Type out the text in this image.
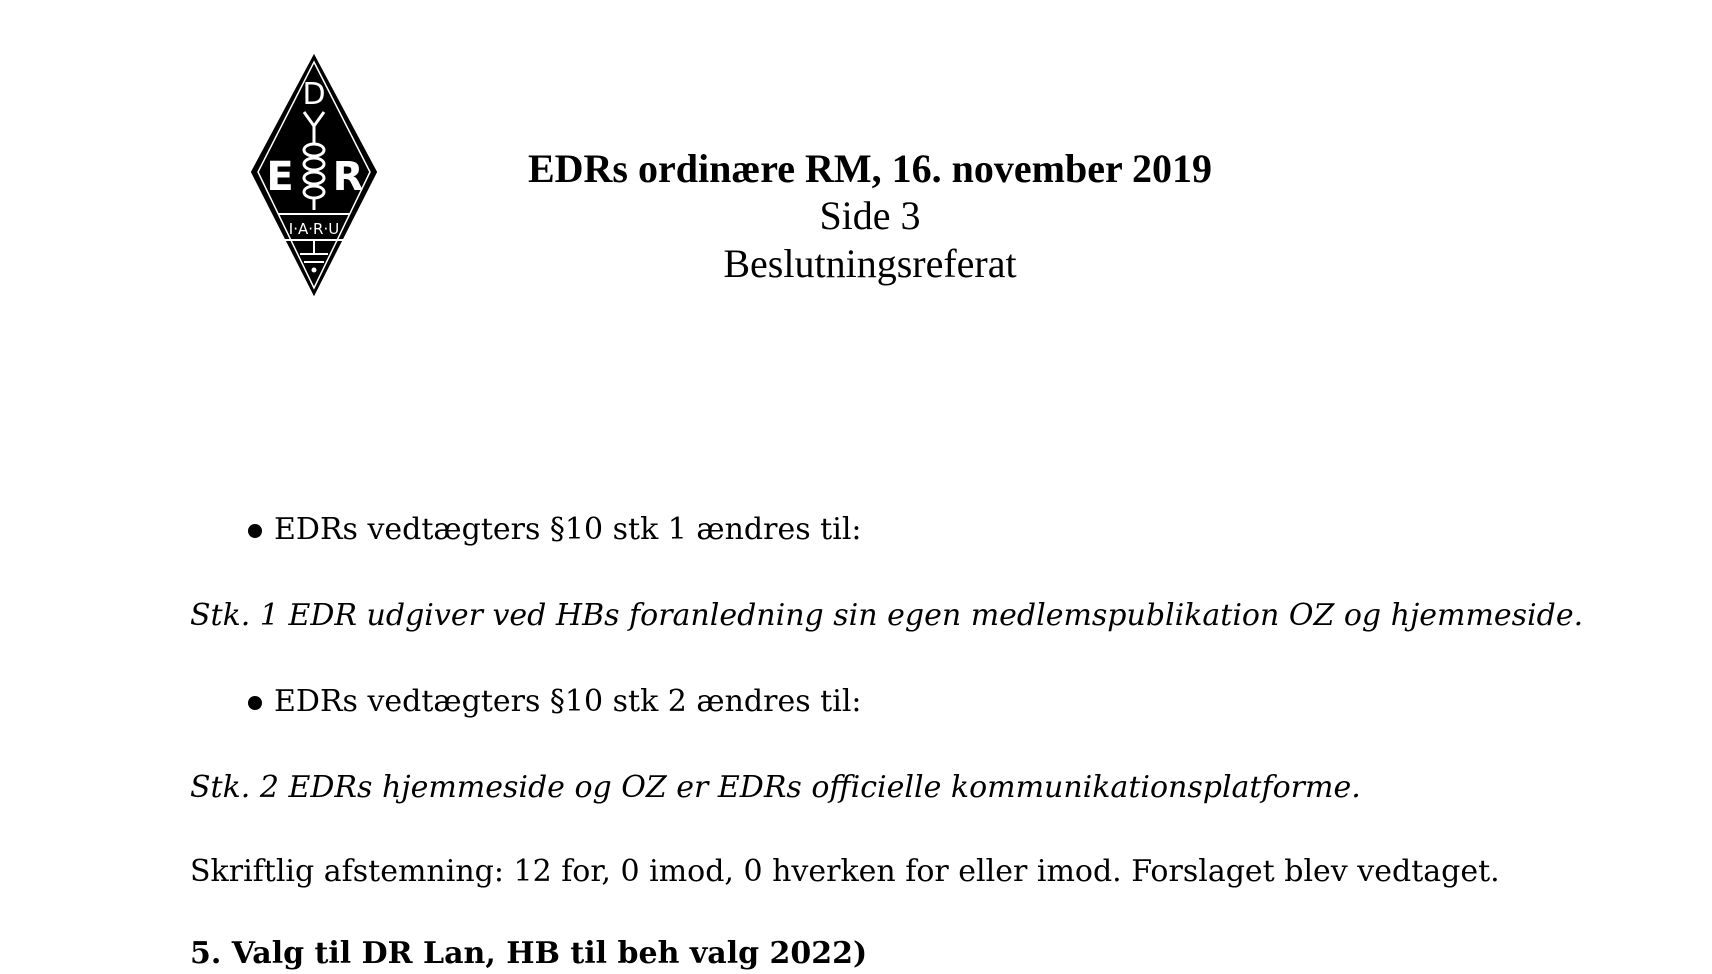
D
E R
I·A·R·U
EDRs ordinære RM, 16. november 2019
Side 3
Beslutningsreferat
EDRs vedtægters §10 stk 1 ændres til:
Stk. 1 EDR udgiver ved HBs foranledning sin egen medlemspublikation OZ og hjemmeside.
EDRs vedtægters §10 stk 2 ændres til:
Stk. 2 EDRs hjemmeside og OZ er EDRs officielle kommunikationsplatforme.
Skriftlig afstemning: 12 for, 0 imod, 0 hverken for eller imod. Forslaget blev vedtaget.
5. Valg til DR Lan, HB til beh valg 2022)
